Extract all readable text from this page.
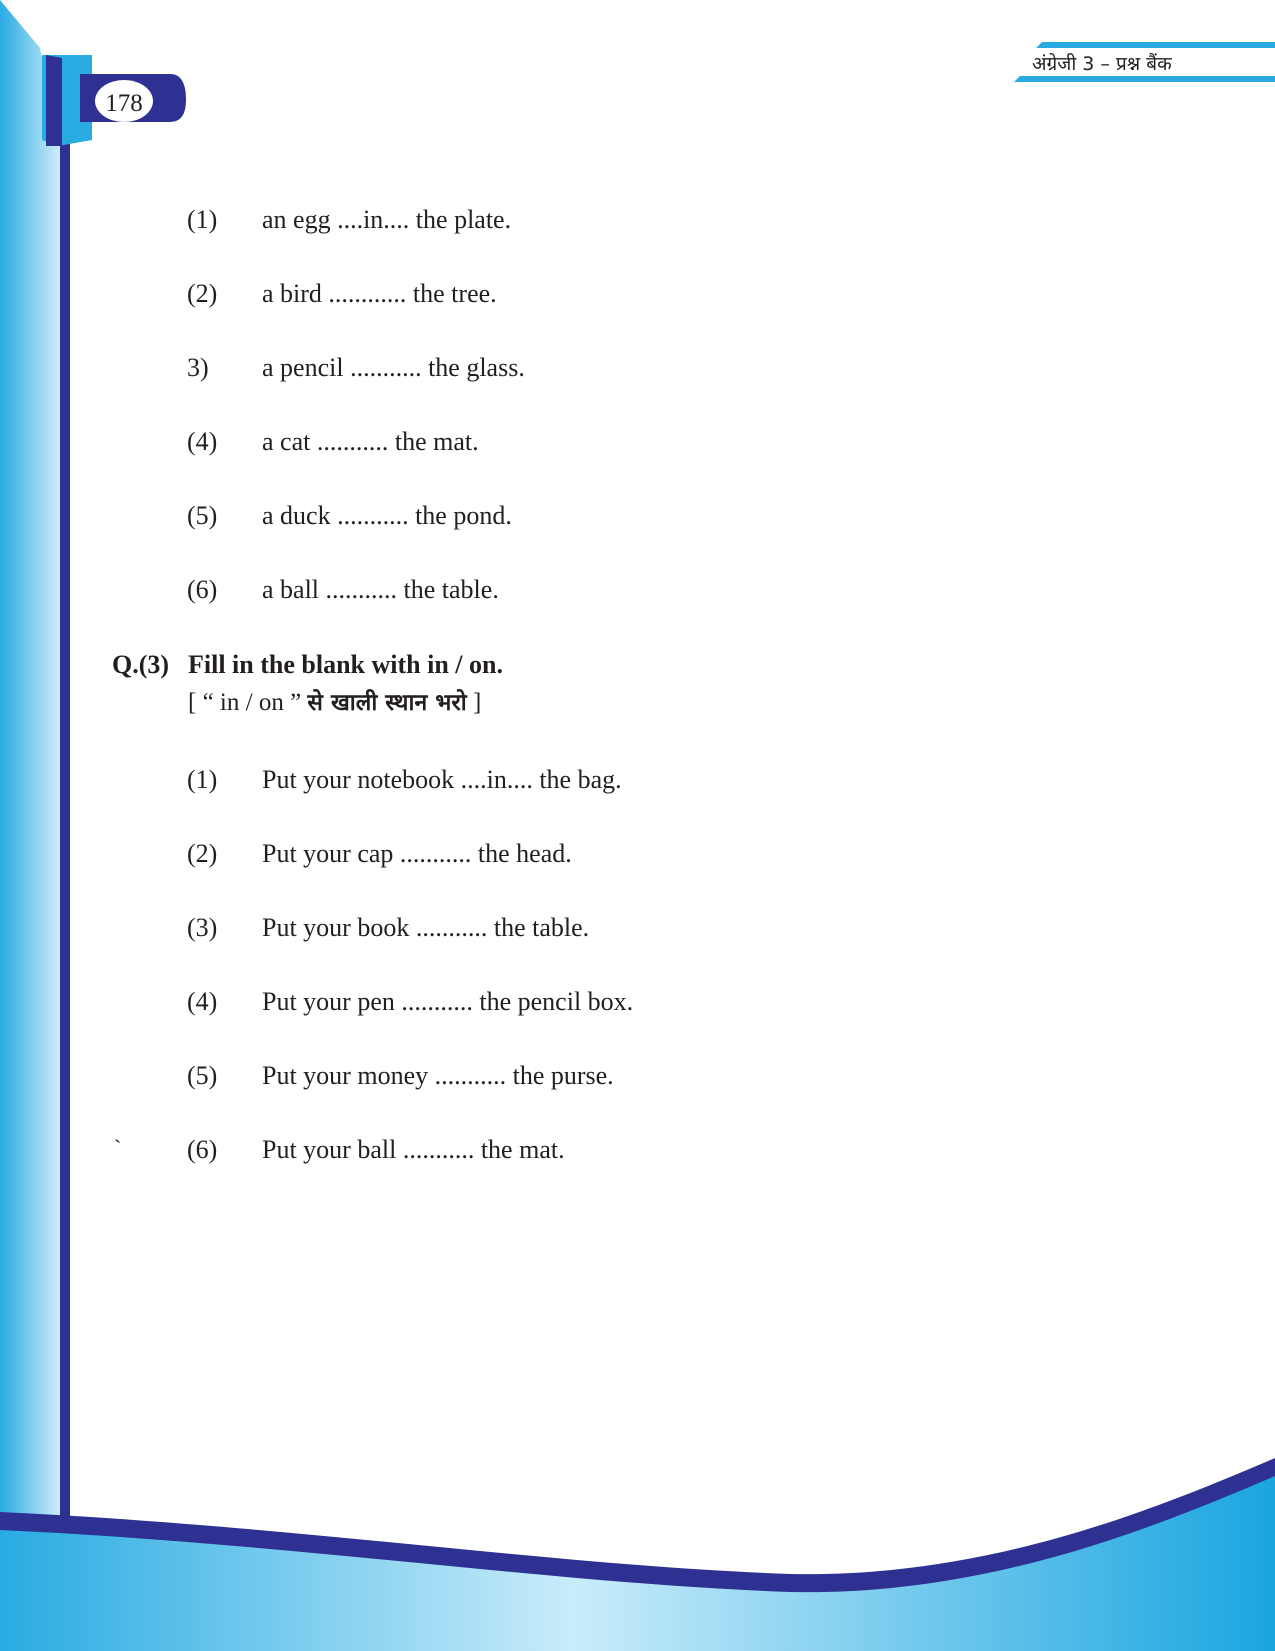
178
अंग्रेजी 3 – प्रश्न बैंक
(1) an egg ....in.... the plate.
(2) a bird ............ the tree.
3) a pencil ........... the glass.
(4) a cat ........... the mat.
(5) a duck ........... the pond.
(6) a ball ........... the table.
Q.(3) Fill in the blank with in / on.
[ “ in / on ” से खाली स्थान भरो ]
(1) Put your notebook ....in.... the bag.
(2) Put your cap ........... the head.
(3) Put your book ........... the table.
(4) Put your pen ........... the pencil box.
(5) Put your money ........... the purse.
`	(6) Put your ball ........... the mat.
